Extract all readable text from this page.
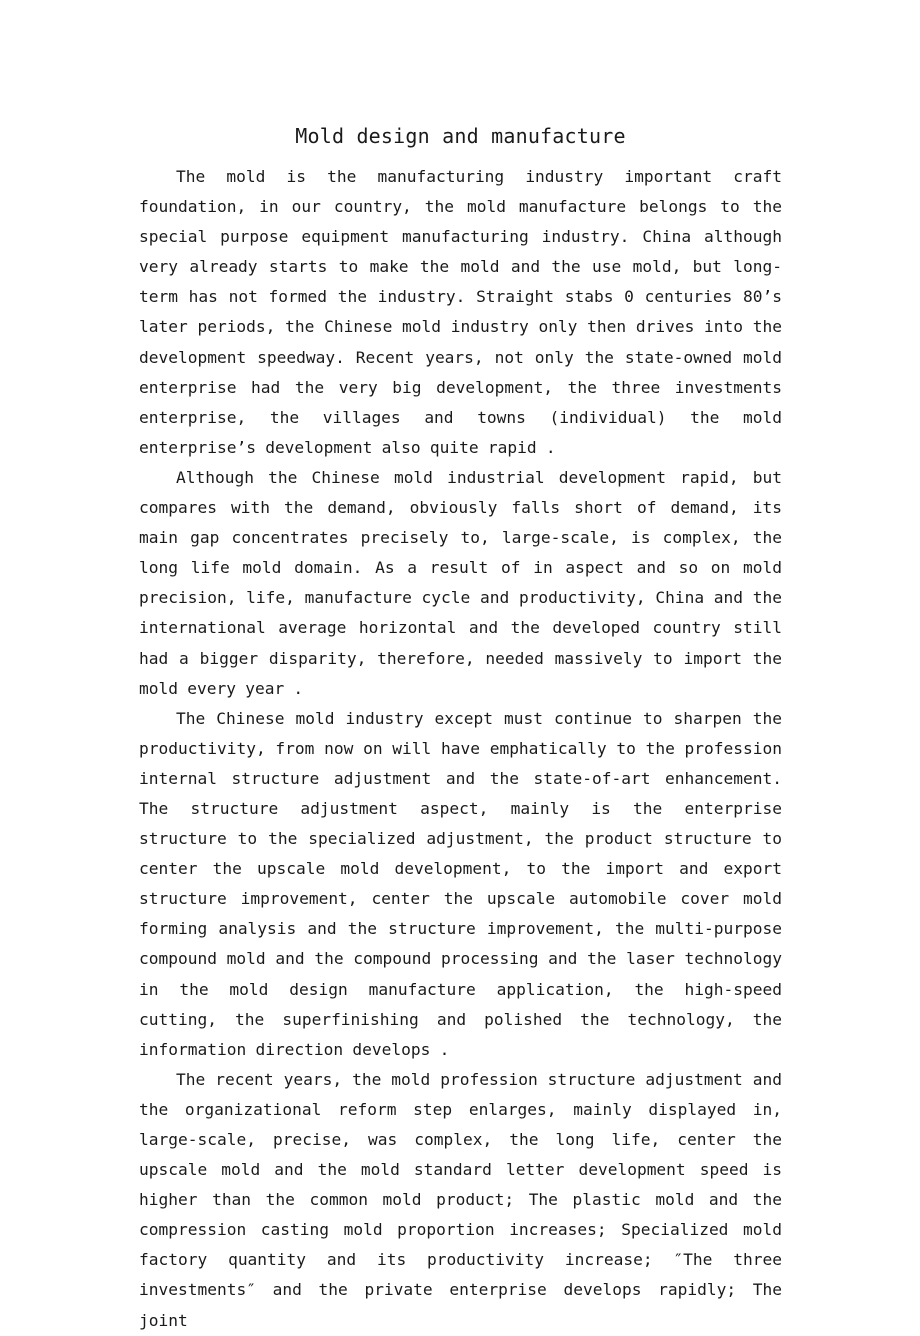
Mold design and manufacture

The mold is the manufacturing industry important craft foundation, in our country, the mold manufacture belongs to the special purpose equipment manufacturing industry. China although very already starts to make the mold and the use mold, but long-term has not formed the industry. Straight stabs 0 centuries 80’s later periods, the Chinese mold industry only then drives into the development speedway. Recent years, not only the state-owned mold enterprise had the very big development, the three investments enterprise, the villages and towns (individual) the mold enterprise’s development also quite rapid .

Although the Chinese mold industrial development rapid, but compares with the demand, obviously falls short of demand, its main gap concentrates precisely to, large-scale, is complex, the long life mold domain. As a result of in aspect and so on mold precision, life, manufacture cycle and productivity, China and the international average horizontal and the developed country still had a bigger disparity, therefore, needed massively to import the mold every year .

The Chinese mold industry except must continue to sharpen the productivity, from now on will have emphatically to the profession internal structure adjustment and the state-of-art enhancement. The structure adjustment aspect, mainly is the enterprise structure to the specialized adjustment, the product structure to center the upscale mold development, to the import and export structure improvement, center the upscale automobile cover mold forming analysis and the structure improvement, the multi-purpose compound mold and the compound processing and the laser technology in the mold design manufacture application, the high-speed cutting, the superfinishing and polished the technology, the information direction develops .

The recent years, the mold profession structure adjustment and the organizational reform step enlarges, mainly displayed in, large-scale, precise, was complex, the long life, center the upscale mold and the mold standard letter development speed is higher than the common mold product; The plastic mold and the compression casting mold proportion increases; Specialized mold factory quantity and its productivity increase; ″The three investments″ and the private enterprise develops rapidly; The joint
